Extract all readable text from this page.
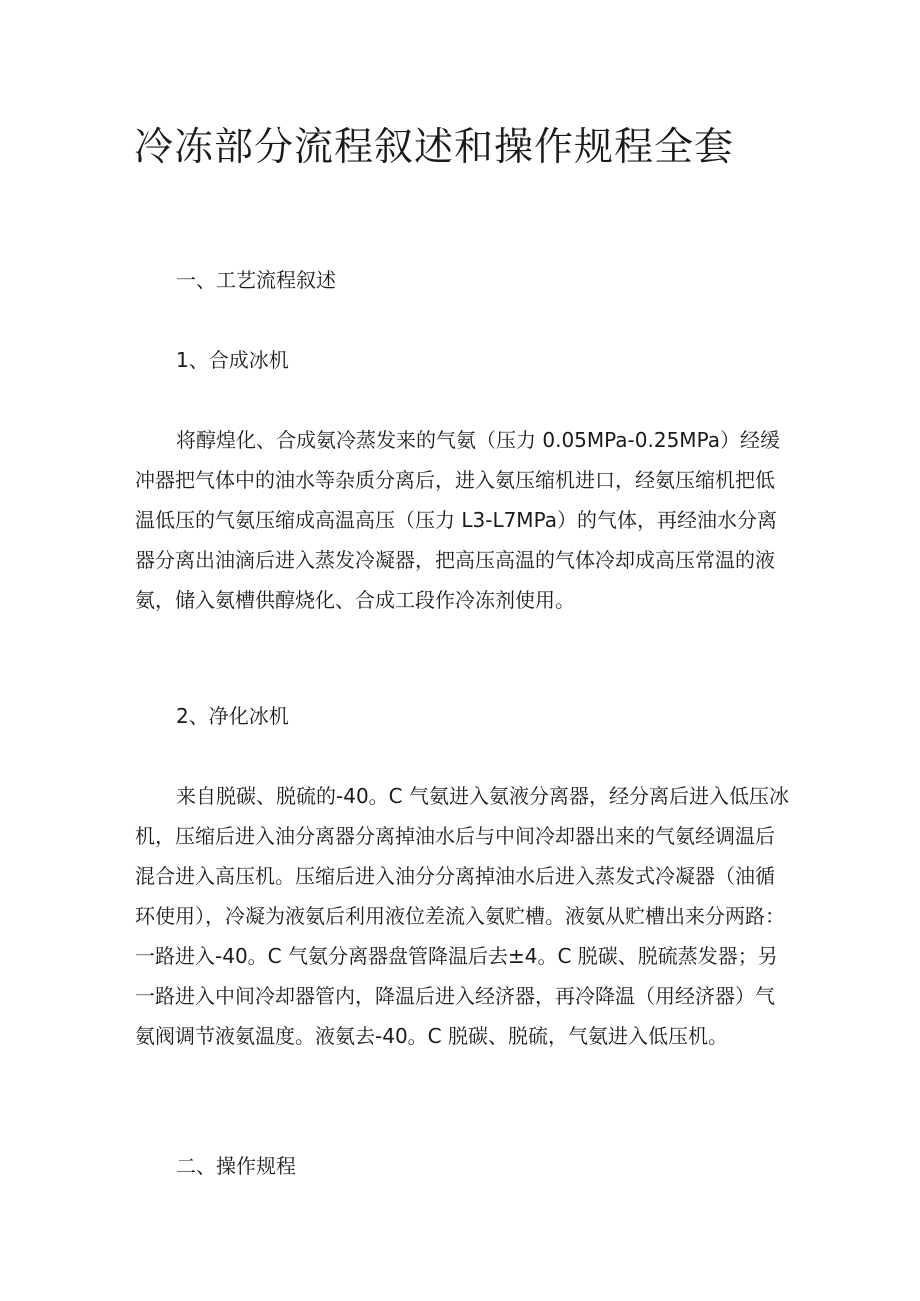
冷冻部分流程叙述和操作规程全套
一、工艺流程叙述
1、合成冰机
将醇煌化、合成氨冷蒸发来的气氨（压力 0.05MPa-0.25MPa）经缓
冲器把气体中的油水等杂质分离后，进入氨压缩机进口，经氨压缩机把低
温低压的气氨压缩成高温高压（压力 L3-L7MPa）的气体，再经油水分离
器分离出油滴后进入蒸发冷凝器，把高压高温的气体冷却成高压常温的液
氨，储入氨槽供醇烧化、合成工段作冷冻剂使用。
2、净化冰机
来自脱碳、脱硫的-40。C 气氨进入氨液分离器，经分离后进入低压冰
机，压缩后进入油分离器分离掉油水后与中间冷却器出来的气氨经调温后
混合进入高压机。压缩后进入油分分离掉油水后进入蒸发式冷凝器（油循
环使用），冷凝为液氨后利用液位差流入氨贮槽。液氨从贮槽出来分两路：
一路进入-40。C 气氨分离器盘管降温后去±4。C 脱碳、脱硫蒸发器；另
一路进入中间冷却器管内，降温后进入经济器，再冷降温（用经济器）气
氨阀调节液氨温度。液氨去-40。C 脱碳、脱硫，气氨进入低压机。
二、操作规程
